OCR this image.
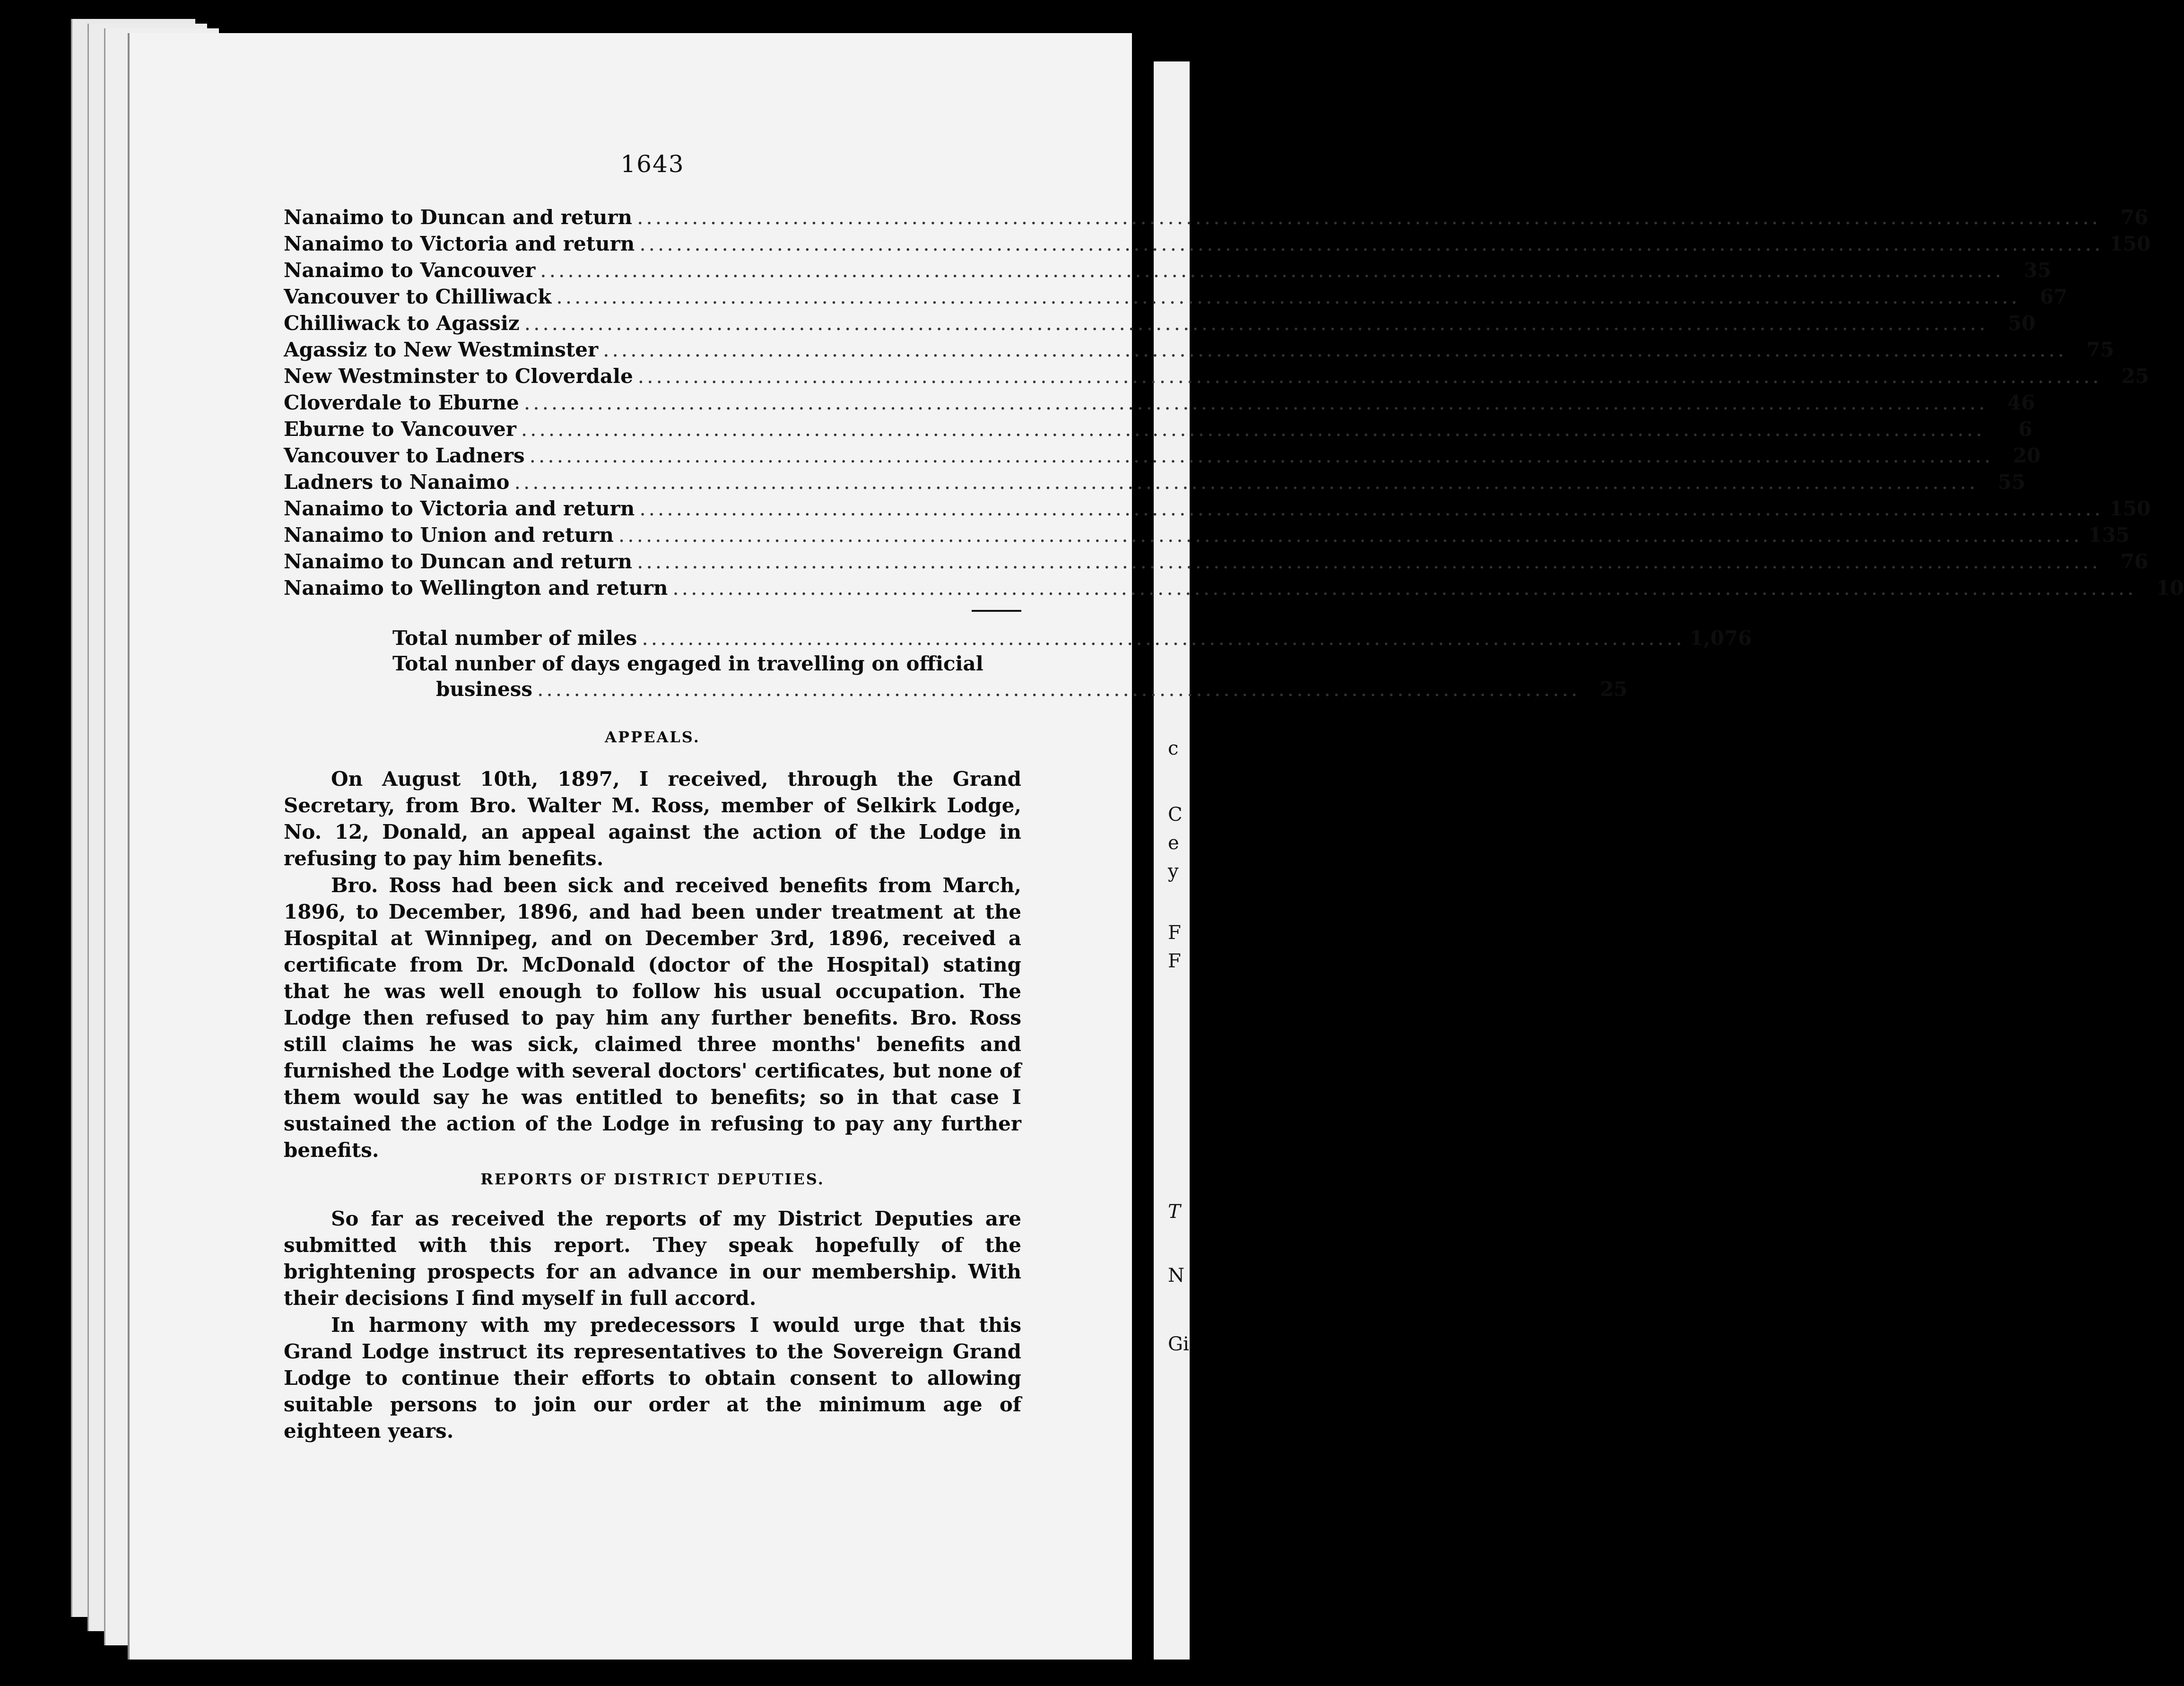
c
C
e
y
F
F
T
N
Gi
1643
Nanaimo to Duncan and return ................................................................................................................................................................ 76
Nanaimo to Victoria and return ................................................................................................................................................................ 150
Nanaimo to Vancouver ................................................................................................................................................................ 35
Vancouver to Chilliwack ................................................................................................................................................................ 67
Chilliwack to Agassiz ................................................................................................................................................................ 50
Agassiz to New Westminster ................................................................................................................................................................ 75
New Westminster to Cloverdale ................................................................................................................................................................ 25
Cloverdale to Eburne ................................................................................................................................................................ 46
Eburne to Vancouver ................................................................................................................................................................	6
Vancouver to Ladners ................................................................................................................................................................ 20
Ladners to Nanaimo ................................................................................................................................................................ 55
Nanaimo to Victoria and return ................................................................................................................................................................ 150
Nanaimo to Union and return ................................................................................................................................................................ 135
Nanaimo to Duncan and return ................................................................................................................................................................ 76
Nanaimo to Wellington and return ................................................................................................................................................................ 10
Total number of miles .................................................................................................................. 1,076
Total nunber of days engaged in travelling on official
business .................................................................................................................. 25
APPEALS.
On August 10th, 1897, I received, through the Grand Secretary, from Bro. Walter M. Ross, member of Selkirk Lodge, No. 12, Donald, an appeal against the action of the Lodge in refusing to pay him benefits.
Bro. Ross had been sick and received benefits from March, 1896, to December, 1896, and had been under treatment at the Hospital at Winnipeg, and on December 3rd, 1896, received a certificate from Dr. McDonald (doctor of the Hospital) stating that he was well enough to follow his usual occupation. The Lodge then refused to pay him any further benefits. Bro. Ross still claims he was sick, claimed three months' benefits and furnished the Lodge with several doctors' certificates, but none of them would say he was entitled to benefits; so in that case I sustained the action of the Lodge in refusing to pay any further benefits.
REPORTS OF DISTRICT DEPUTIES.
So far as received the reports of my District Deputies are submitted with this report. They speak hopefully of the brightening prospects for an advance in our membership. With their decisions I find myself in full accord.
In harmony with my predecessors I would urge that this Grand Lodge instruct its representatives to the Sovereign Grand Lodge to continue their efforts to obtain consent to allowing suitable persons to join our order at the minimum age of eighteen years.
